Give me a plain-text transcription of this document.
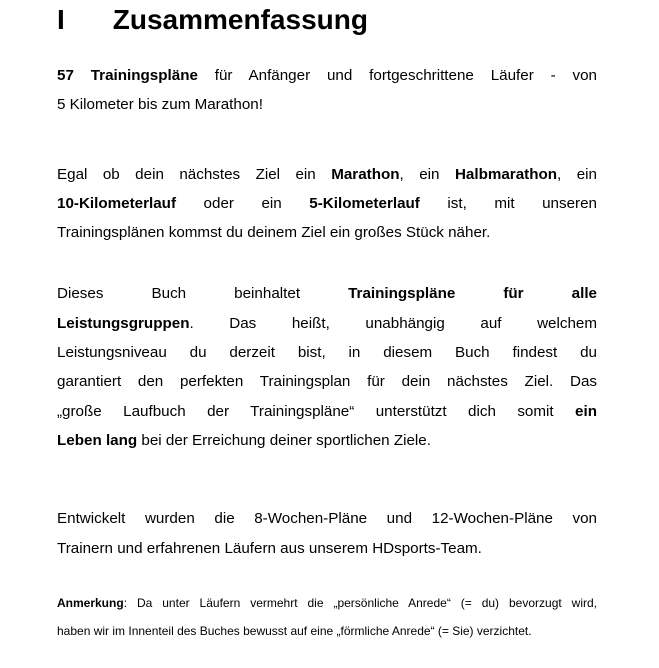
I Zusammenfassung
57 Trainingspläne für Anfänger und fortgeschrittene Läufer - von
5 Kilometer bis zum Marathon!
Egal ob dein nächstes Ziel ein Marathon, ein Halbmarathon, ein
10-Kilometerlauf oder ein 5-Kilometerlauf ist, mit unseren
Trainingsplänen kommst du deinem Ziel ein großes Stück näher.
Dieses Buch beinhaltet Trainingspläne für alle
Leistungsgruppen. Das heißt, unabhängig auf welchem
Leistungsniveau du derzeit bist, in diesem Buch findest du
garantiert den perfekten Trainingsplan für dein nächstes Ziel. Das
„große Laufbuch der Trainingspläne“ unterstützt dich somit ein
Leben lang bei der Erreichung deiner sportlichen Ziele.
Entwickelt wurden die 8-Wochen-Pläne und 12-Wochen-Pläne von
Trainern und erfahrenen Läufern aus unserem HDsports-Team.
Anmerkung: Da unter Läufern vermehrt die „persönliche Anrede“ (= du) bevorzugt wird,
haben wir im Innenteil des Buches bewusst auf eine „förmliche Anrede“ (= Sie) verzichtet.
